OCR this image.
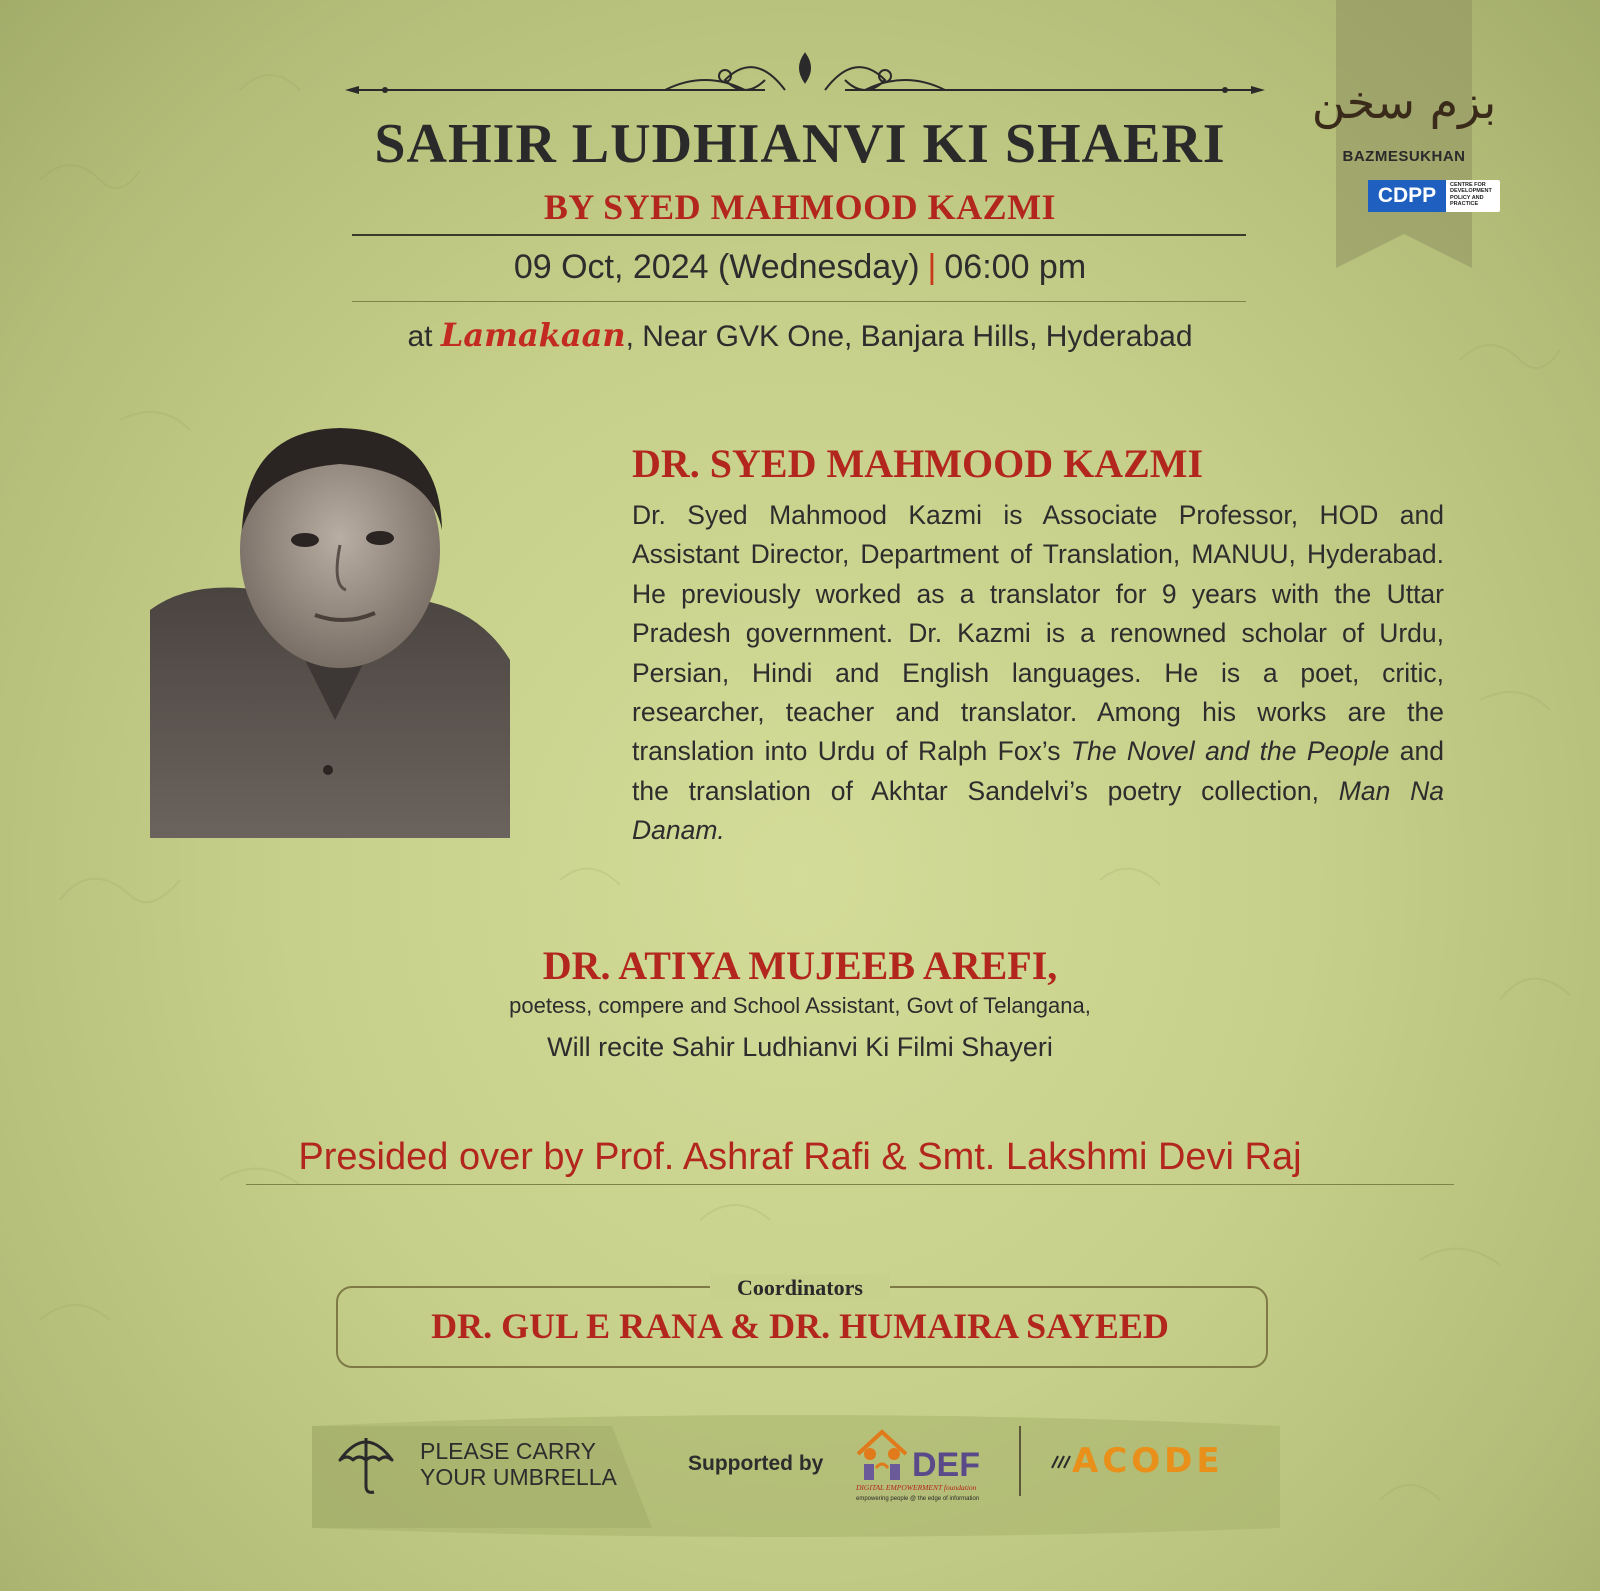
SAHIR LUDHIANVI KI SHAERI
BY SYED MAHMOOD KAZMI
09 Oct, 2024 (Wednesday) | 06:00 pm
at Lamakaan, Near GVK One, Banjara Hills, Hyderabad
بزم سخن
BAZMESUKHAN
CDPP	CENTRE FOR DEVELOPMENT POLICY AND PRACTICE
DR. SYED MAHMOOD KAZMI
Dr. Syed Mahmood Kazmi is Associate Professor, HOD and Assistant Director, Department of Translation, MANUU, Hyderabad. He previously worked as a translator for 9 years with the Uttar Pradesh government. Dr. Kazmi is a renowned scholar of Urdu, Persian, Hindi and English languages. He is a poet, critic, researcher, teacher and translator. Among his works are the translation into Urdu of Ralph Fox’s The Novel and the People and the translation of Akhtar Sandelvi’s poetry collection, Man Na Danam.
DR. ATIYA MUJEEB AREFI,
poetess, compere and School Assistant, Govt of Telangana,
Will recite Sahir Ludhianvi Ki Filmi Shayeri
Presided over by Prof. Ashraf Rafi & Smt. Lakshmi Devi Raj
Coordinators
DR. GUL E RANA & DR. HUMAIRA SAYEED
PLEASE CARRY
YOUR UMBRELLA
Supported by	DEF
DIGITAL EMPOWERMENT foundation
empowering people @ the edge of information
ACODE
